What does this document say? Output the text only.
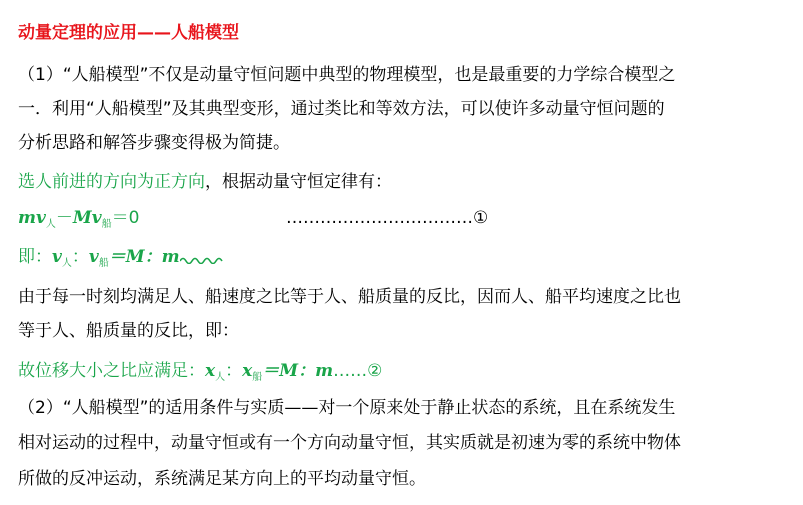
动量定理的应用——人船模型
（1）“人船模型”不仅是动量守恒问题中典型的物理模型，也是最重要的力学综合模型之
一．利用“人船模型”及其典型变形，通过类比和等效方法，可以使许多动量守恒问题的
分析思路和解答步骤变得极为简捷。
选人前进的方向为正方向，根据动量守恒定律有：
$mv_人-Mv_船=0$	……………………………①
即：$v_人$：$v_船=M$：m
由于每一时刻均满足人、船速度之比等于人、船质量的反比，因而人、船平均速度之比也
等于人、船质量的反比，即：
故位移大小之比应满足：$x_人$：$x_船=M$：m……②
（2）“人船模型”的适用条件与实质——对一个原来处于静止状态的系统，且在系统发生
相对运动的过程中，动量守恒或有一个方向动量守恒，其实质就是初速为零的系统中物体
所做的反冲运动，系统满足某方向上的平均动量守恒。
